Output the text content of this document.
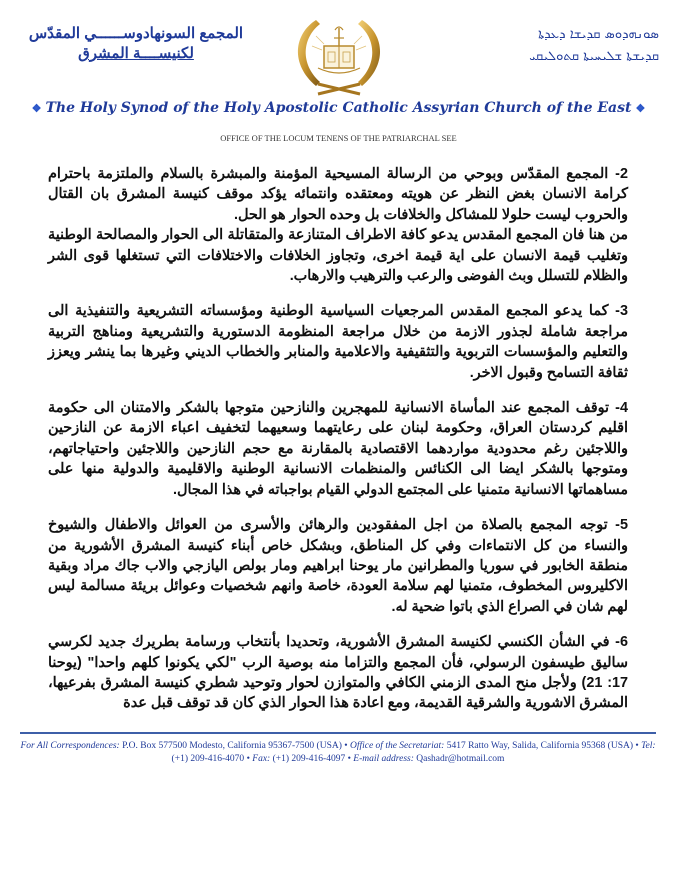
المجمع السونهادوســــــي المقدّس
لكنيســــة المشرق
ܣܘܢܗܕܘܣ ܩܕܝܫܐ ܕܥܕܬܐ
ܩܕܝܫܬܐ ܫܠܝܚܝܬܐ ܩܬܘܠܝܩܝ
❖ The Holy Synod of the Holy Apostolic Catholic Assyrian Church of the East ❖
OFFICE OF THE LOCUM TENENS OF THE PATRIARCHAL SEE

2- المجمع المقدّس وبوحي من الرسالة المسيحية المؤمنة والمبشرة بالسلام والملتزمة باحترام كرامة الانسان بغض النظر عن هويته ومعتقده وانتمائه يؤكد موقف كنيسة المشرق بان القتال والحروب ليست حلولا للمشاكل والخلافات بل وحده الحوار هو الحل.

من هنا فان المجمع المقدس يدعو كافة الاطراف المتنازعة والمتقاتلة الى الحوار والمصالحة الوطنية وتغليب قيمة الانسان على اية قيمة اخرى، وتجاوز الخلافات والاختلافات التي تستغلها قوى الشر والظلام للتسلل وبث الفوضى والرعب والترهيب والارهاب.

3- كما يدعو المجمع المقدس المرجعيات السياسية الوطنية ومؤسساته التشريعية والتنفيذية الى مراجعة شاملة لجذور الازمة من خلال مراجعة المنظومة الدستورية والتشريعية ومناهج التربية والتعليم والمؤسسات التربوية والتثقيفية والاعلامية والمنابر والخطاب الديني وغيرها بما ينشر ويعزز ثقافة التسامح وقبول الاخر.

4- توقف المجمع عند المأساة الانسانية للمهجرين والنازحين متوجها بالشكر والامتنان الى حكومة اقليم كردستان العراق، وحكومة لبنان على رعايتهما وسعيهما لتخفيف اعباء الازمة عن النازحين واللاجئين رغم محدودية مواردهما الاقتصادية بالمقارنة مع حجم النازحين واللاجئين واحتياجاتهم، ومتوجها بالشكر ايضا الى الكنائس والمنظمات الانسانية الوطنية والاقليمية والدولية منها على مساهماتها الانسانية متمنيا على المجتمع الدولي القيام بواجباته في هذا المجال.

5- توجه المجمع بالصلاة من اجل المفقودين والرهائن والأسرى من العوائل والاطفال والشيوخ والنساء من كل الانتماءات وفي كل المناطق، وبشكل خاص أبناء كنيسة المشرق الأشورية من منطقة الخابور في سوريا والمطرانين مار يوحنا ابراهيم ومار بولص اليازجي والاب جاك مراد وبقية الاكليروس المخطوف، متمنيا لهم سلامة العودة، خاصة وانهم شخصيات وعوائل بريئة مسالمة ليس لهم شان في الصراع الذي باتوا ضحية له.

6- في الشأن الكنسي لكنيسة المشرق الأشورية، وتحديدا بأنتخاب ورسامة بطريرك جديد لكرسي ساليق طيسفون الرسولي، فأن المجمع والتزاما منه بوصية الرب "لكي يكونوا كلهم واحدا" (يوحنا 17: 21) ولأجل منح المدى الزمني الكافي والمتوازن لحوار وتوحيد شطري كنيسة المشرق بفرعيها، المشرق الاشورية والشرقية القديمة، ومع اعادة هذا الحوار الذي كان قد توقف قبل عدة

For All Correspondences: P.O. Box 577500 Modesto, California 95367-7500 (USA) • Office of the Secretariat: 5417 Ratto Way, Salida, California 95368 (USA) • Tel: (+1) 209-416-4070 • Fax: (+1) 209-416-4097 • E-mail address: Qashadr@hotmail.com
